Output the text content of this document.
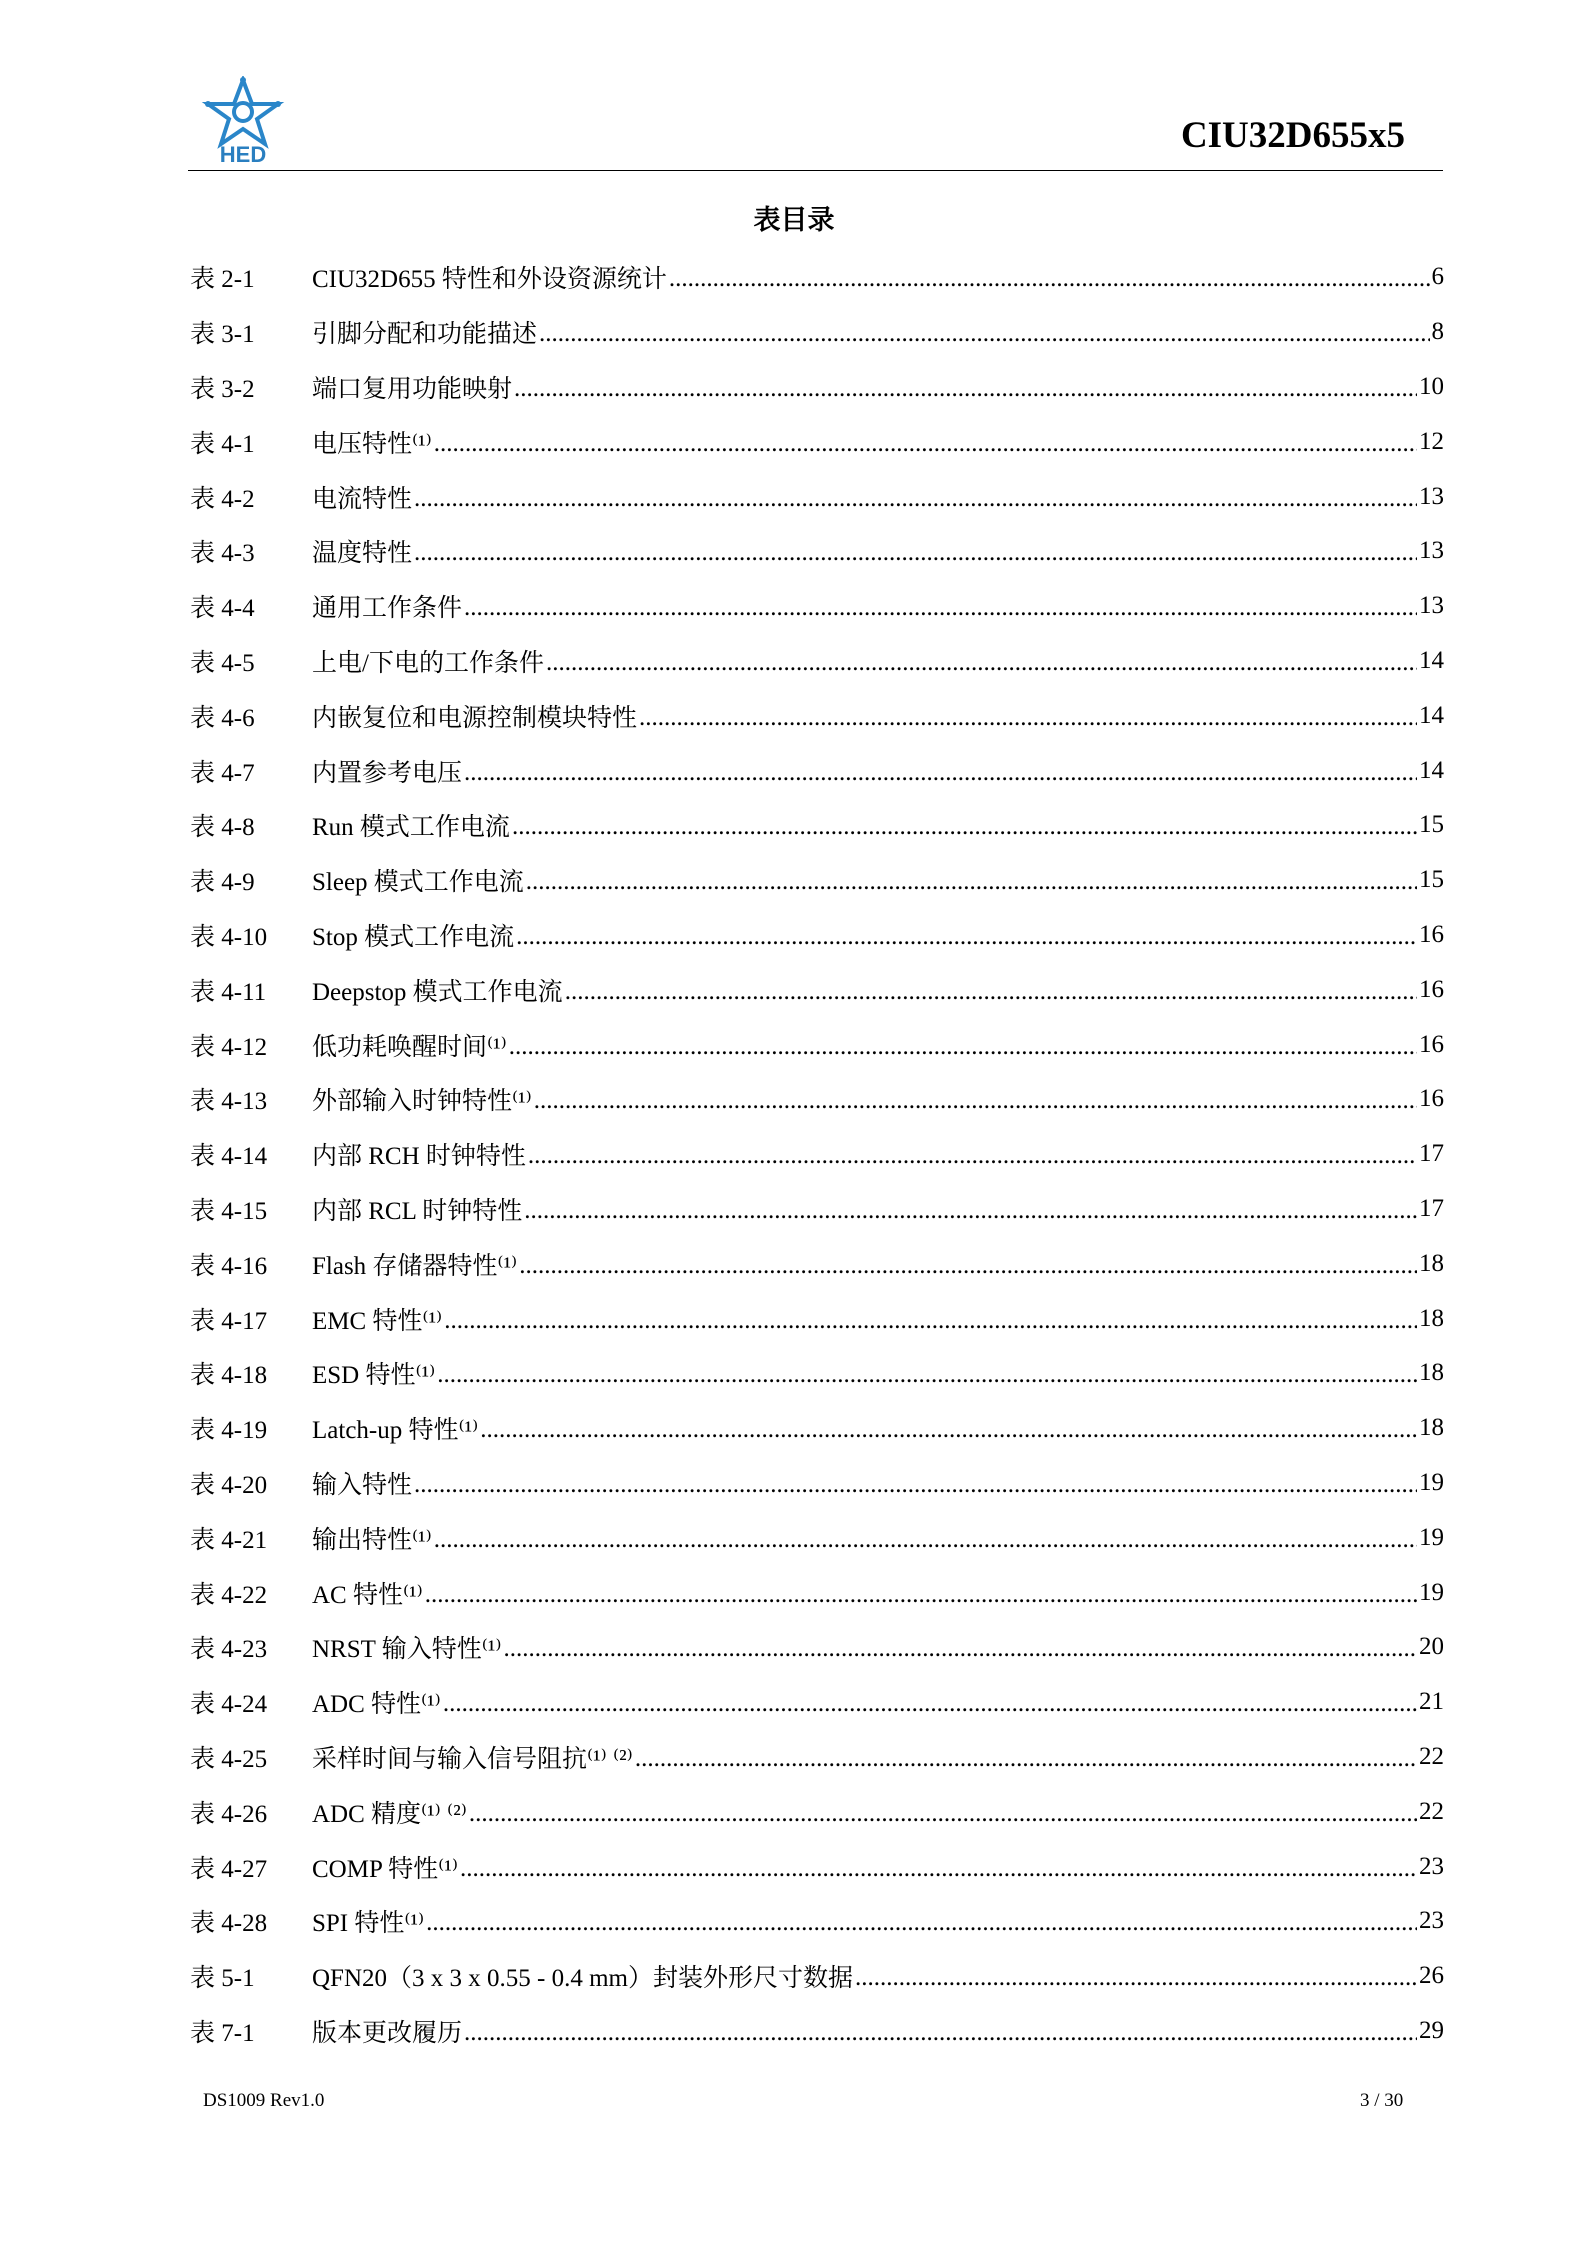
HED	CIU32D655x5
表目录
表 2-1	CIU32D655 特性和外设资源统计 .....	6
表 3-1	引脚分配和功能描述 .....	8
表 3-2	端口复用功能映射 .....	10
表 4-1	电压特性⁽¹⁾ .....	12
表 4-2	电流特性 .....	13
表 4-3	温度特性 .....	13
表 4-4	通用工作条件 .....	13
表 4-5	上电/下电的工作条件 .....	14
表 4-6	内嵌复位和电源控制模块特性 .....	14
表 4-7	内置参考电压 .....	14
表 4-8	Run 模式工作电流 .....	15
表 4-9	Sleep 模式工作电流 .....	15
表 4-10	Stop 模式工作电流 .....	16
表 4-11	Deepstop 模式工作电流 .....	16
表 4-12	低功耗唤醒时间⁽¹⁾ .....	16
表 4-13	外部输入时钟特性⁽¹⁾ .....	16
表 4-14	内部 RCH 时钟特性 .....	17
表 4-15	内部 RCL 时钟特性 .....	17
表 4-16	Flash 存储器特性⁽¹⁾ .....	18
表 4-17	EMC 特性⁽¹⁾ .....	18
表 4-18	ESD 特性⁽¹⁾ .....	18
表 4-19	Latch-up 特性⁽¹⁾ .....	18
表 4-20	输入特性 .....	19
表 4-21	输出特性⁽¹⁾ .....	19
表 4-22	AC 特性⁽¹⁾ .....	19
表 4-23	NRST 输入特性⁽¹⁾ .....	20
表 4-24	ADC 特性⁽¹⁾ .....	21
表 4-25	采样时间与输入信号阻抗⁽¹⁾ ⁽²⁾ .....	22
表 4-26	ADC 精度⁽¹⁾ ⁽²⁾ .....	22
表 4-27	COMP 特性⁽¹⁾ .....	23
表 4-28	SPI 特性⁽¹⁾ .....	23
表 5-1	QFN20（3 x 3 x 0.55 - 0.4 mm）封装外形尺寸数据 .....	26
表 7-1	版本更改履历 .....	29
DS1009 Rev1.0	3 / 30
